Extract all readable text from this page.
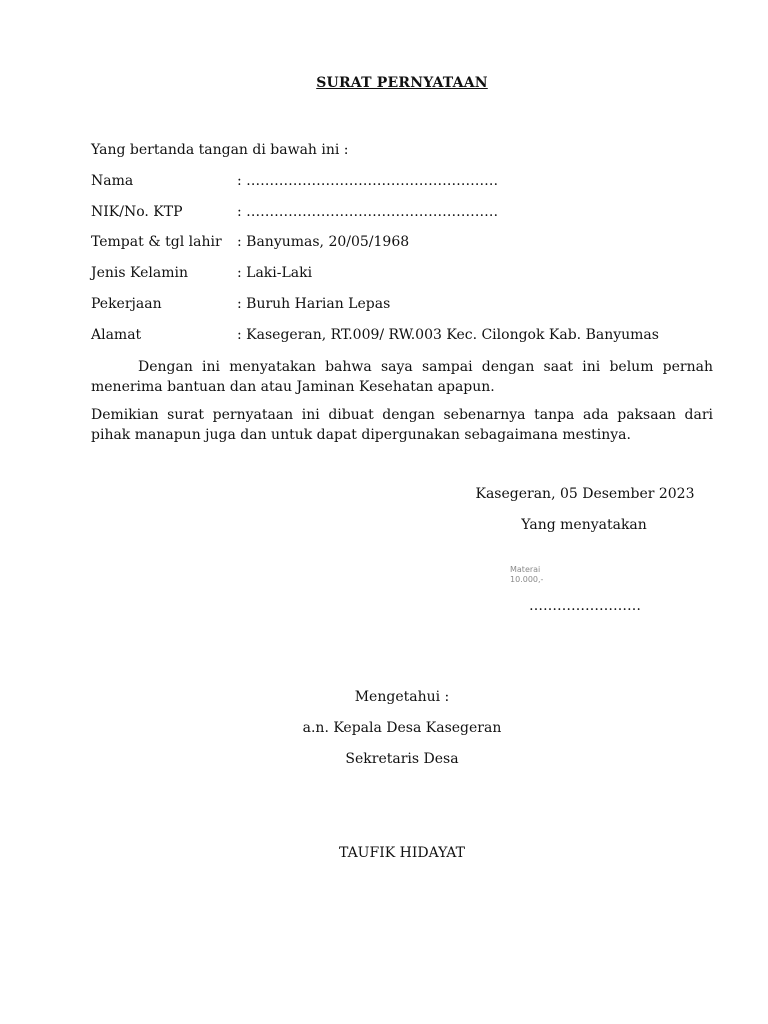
SURAT PERNYATAAN
Yang bertanda tangan di bawah ini :
Nama	: ………………………………………………
NIK/No. KTP	: ………………………………………………
Tempat & tgl lahir : Banyumas, 20/05/1968
Jenis Kelamin	: Laki-Laki
Pekerjaan	: Buruh Harian Lepas
Alamat	: Kasegeran, RT.009/ RW.003 Kec. Cilongok Kab. Banyumas
Dengan ini menyatakan bahwa saya sampai dengan saat ini belum pernah menerima bantuan dan atau Jaminan Kesehatan apapun.
Demikian surat pernyataan ini dibuat dengan sebenarnya tanpa ada paksaan dari pihak manapun juga dan untuk dapat dipergunakan sebagaimana mestinya.
Kasegeran, 05 Desember 2023
Yang menyatakan
Materai
10.000,-
……………………
Mengetahui :
a.n. Kepala Desa Kasegeran
Sekretaris Desa
TAUFIK HIDAYAT
